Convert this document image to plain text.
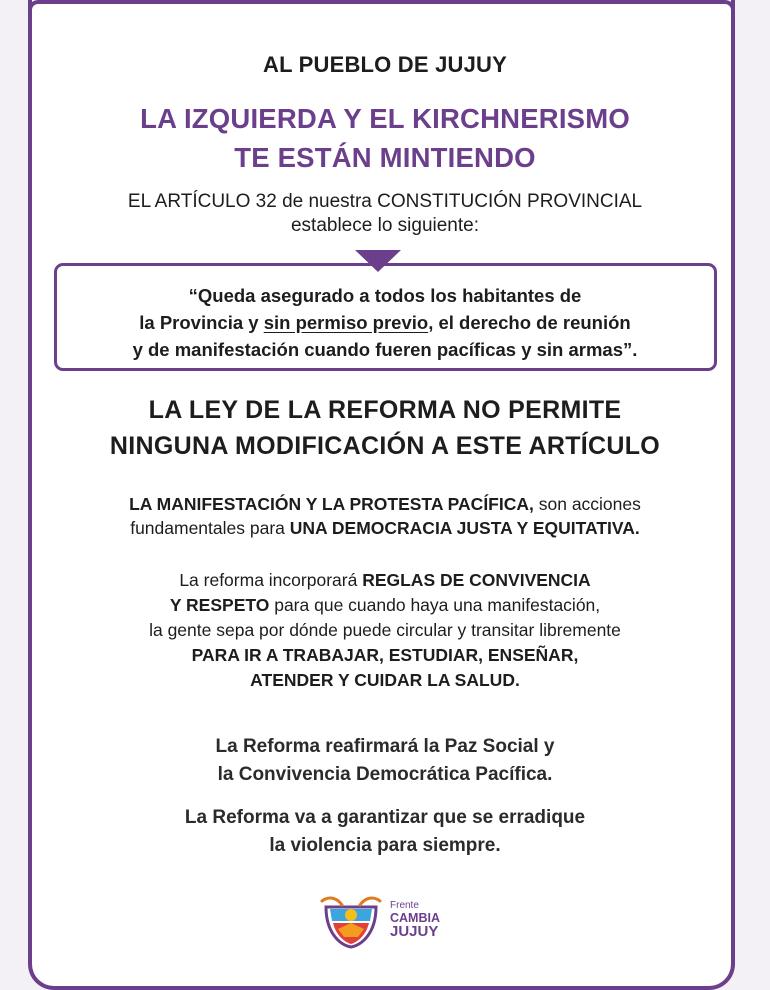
AL PUEBLO DE JUJUY
LA IZQUIERDA Y EL KIRCHNERISMO
TE ESTÁN MINTIENDO
EL ARTÍCULO 32 de nuestra CONSTITUCIÓN PROVINCIAL
establece lo siguiente:
“Queda asegurado a todos los habitantes de
la Provincia y sin permiso previo, el derecho de reunión
y de manifestación cuando fueren pacíficas y sin armas”.
LA LEY DE LA REFORMA NO PERMITE
NINGUNA MODIFICACIÓN A ESTE ARTÍCULO
LA MANIFESTACIÓN Y LA PROTESTA PACÍFICA, son acciones
fundamentales para UNA DEMOCRACIA JUSTA Y EQUITATIVA.
La reforma incorporará REGLAS DE CONVIVENCIA
Y RESPETO para que cuando haya una manifestación,
la gente sepa por dónde puede circular y transitar libremente
PARA IR A TRABAJAR, ESTUDIAR, ENSEÑAR,
ATENDER Y CUIDAR LA SALUD.
La Reforma reafirmará la Paz Social y
la Convivencia Democrática Pacífica.
La Reforma va a garantizar que se erradique
la violencia para siempre.
Frente
CAMBIA
JUJUY
